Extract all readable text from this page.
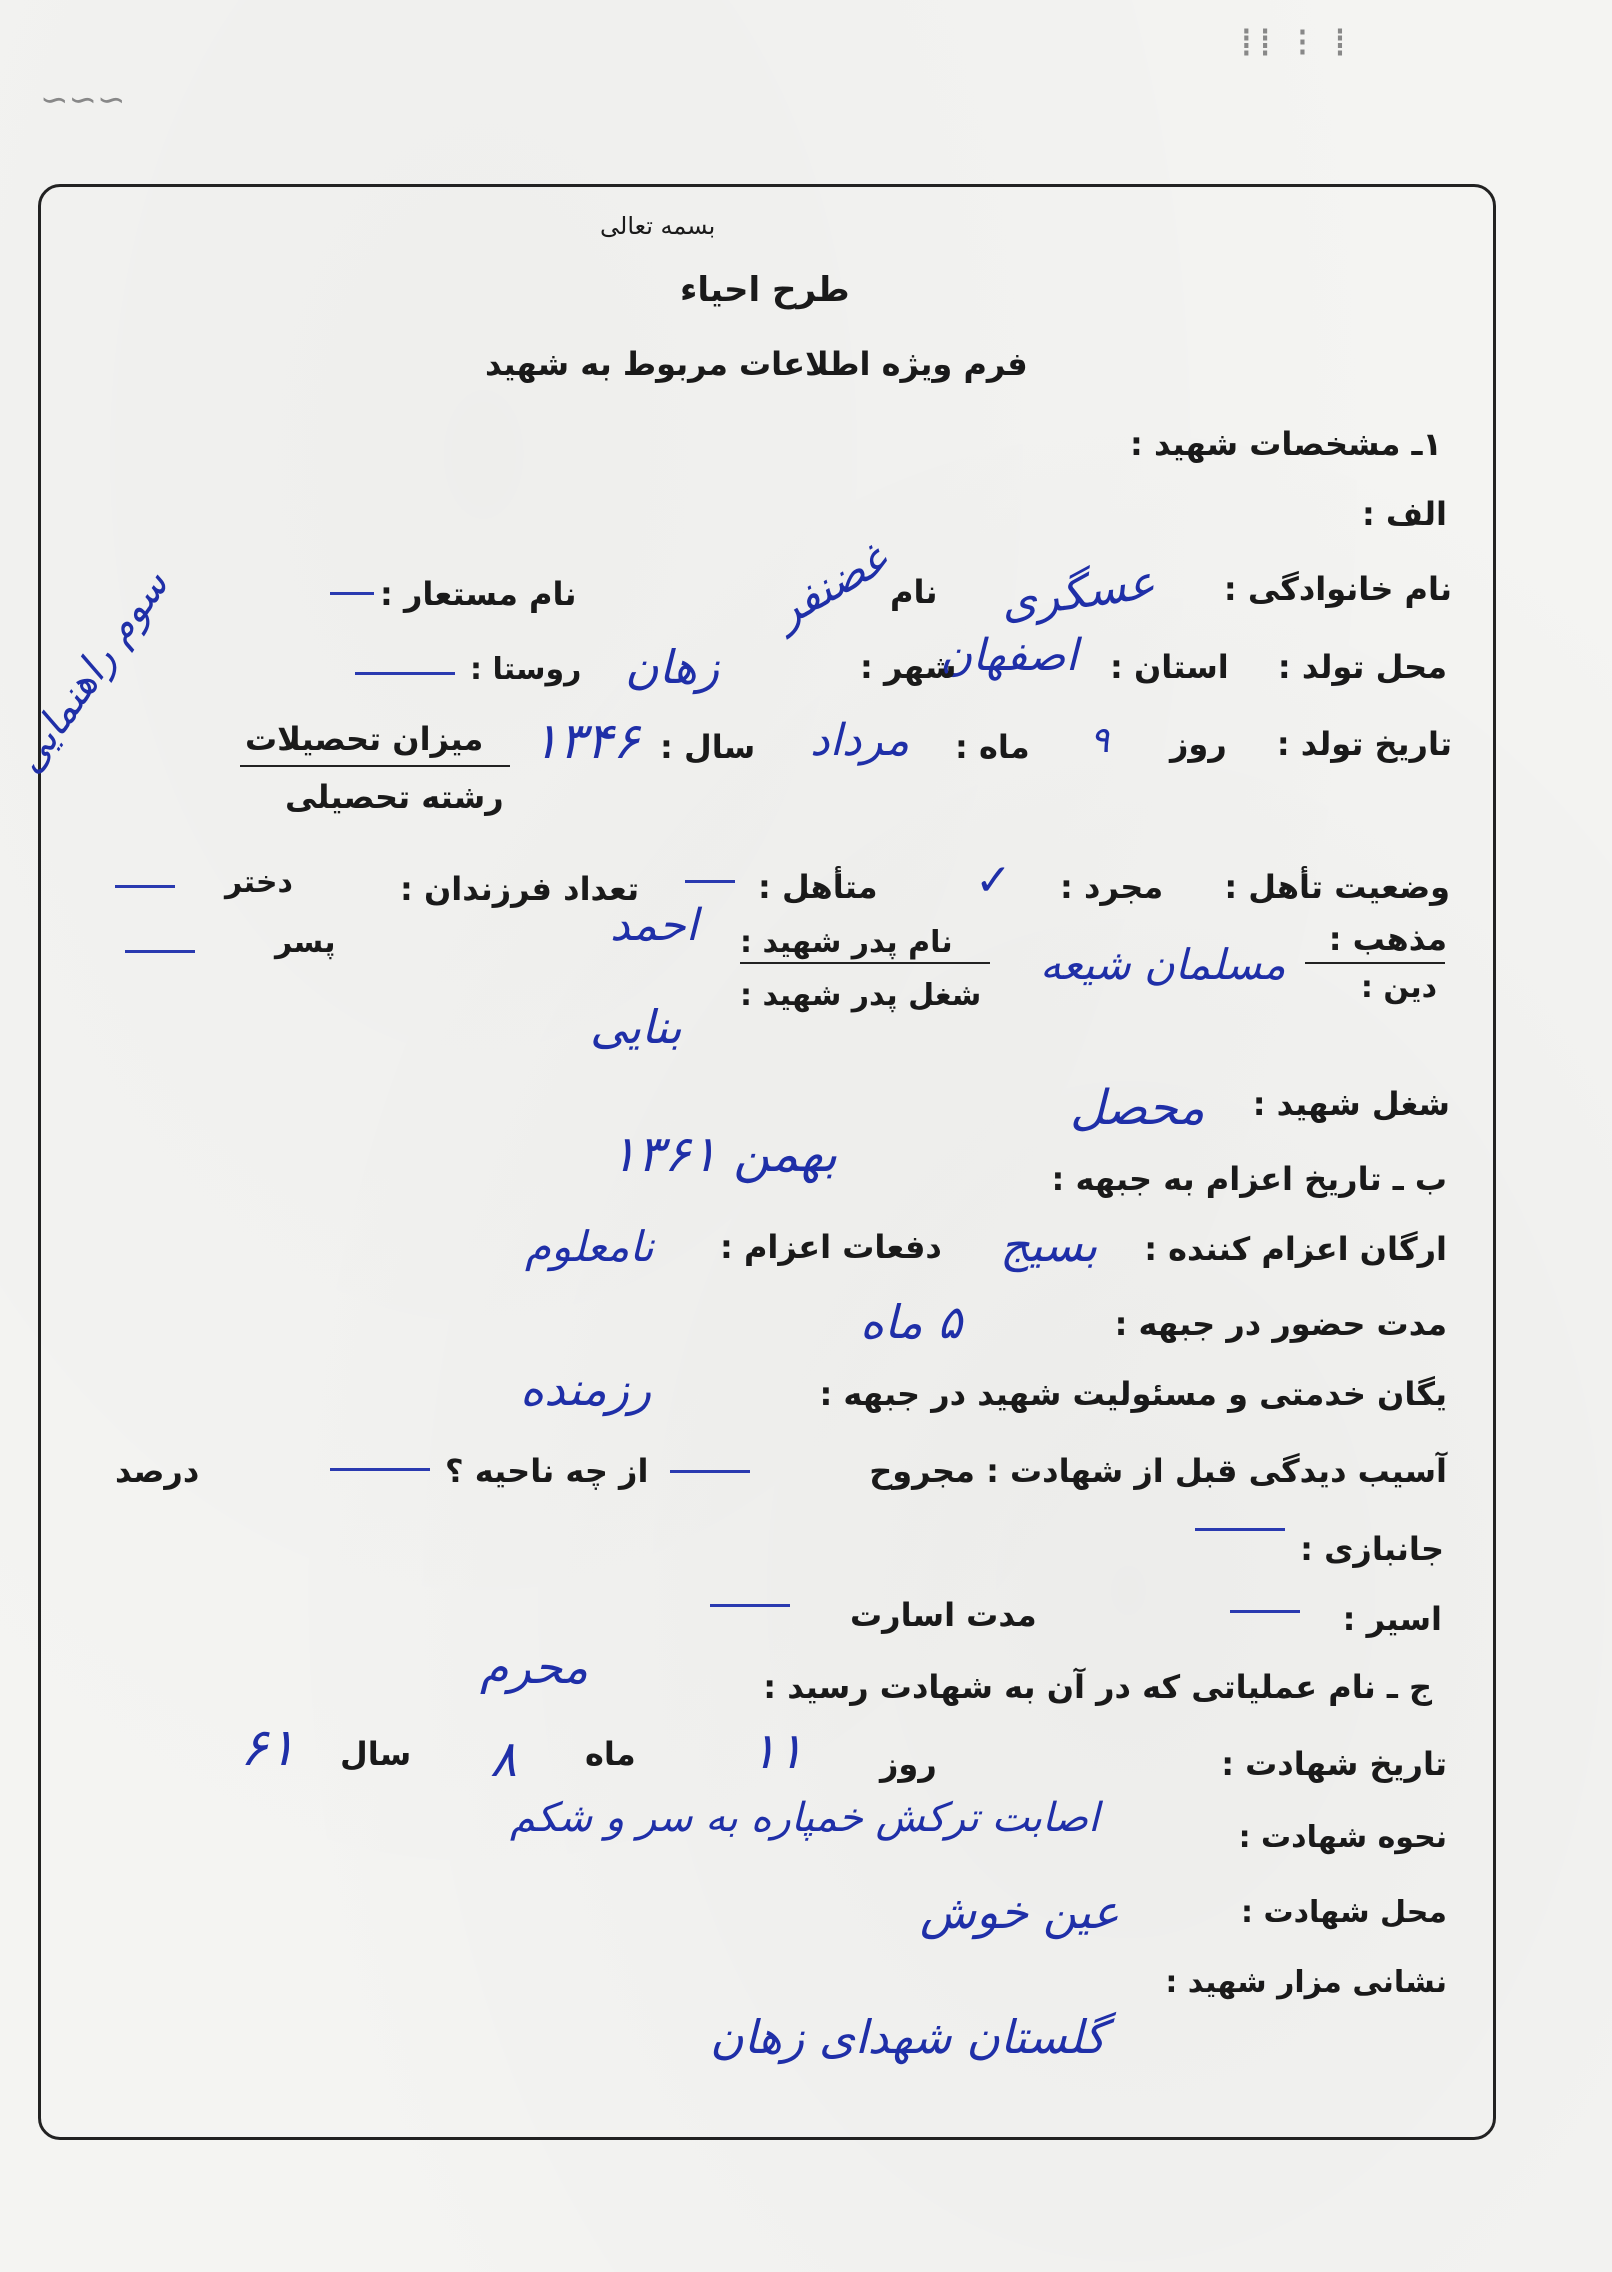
∽∽∽
⁞⁞ ⁝ ⁞
بسمه تعالی
طرح احیاء
فرم ویژه اطلاعات مربوط به شهید
۱ـ مشخصات شهید :
الف :
نام خانوادگی :
عسگری
نام
غضنفر
نام مستعار :
محل تولد :
استان :
اصفهان
شهر :
زهان
روستا :
تاریخ تولد :
روز
۹
ماه :
مرداد
سال :
۱۳۴۶
میزان تحصیلات
رشته تحصیلی
سوم راهنمایی
وضعیت تأهل :
مجرد :
✓
متأهل :
تعداد فرزندان :
دختر
پسر	مذهب :
دین :
مسلمان شیعه
نام پدر شهید :
احمد
شغل پدر شهید :
بنایی
شغل شهید :
محصل
ب ـ تاریخ اعزام به جبهه :
بهمن ۱۳۶۱
ارگان اعزام کننده :
بسیج
دفعات اعزام :
نامعلوم
مدت حضور در جبهه :
۵ ماه
یگان خدمتی و مسئولیت شهید در جبهه :
رزمنده
آسیب دیدگی قبل از شهادت : مجروح
از چه ناحیه ؟
درصد
جانبازی :
اسیر :
مدت اسارت
ج ـ نام عملیاتی که در آن به شهادت رسید :
محرم
تاریخ شهادت :
روز
۱۱
ماه
۸
سال
۶۱
نحوه شهادت :
اصابت ترکش خمپاره به سر و شکم
محل شهادت :
عین خوش
نشانی مزار شهید :
گلستان شهدای زهان
